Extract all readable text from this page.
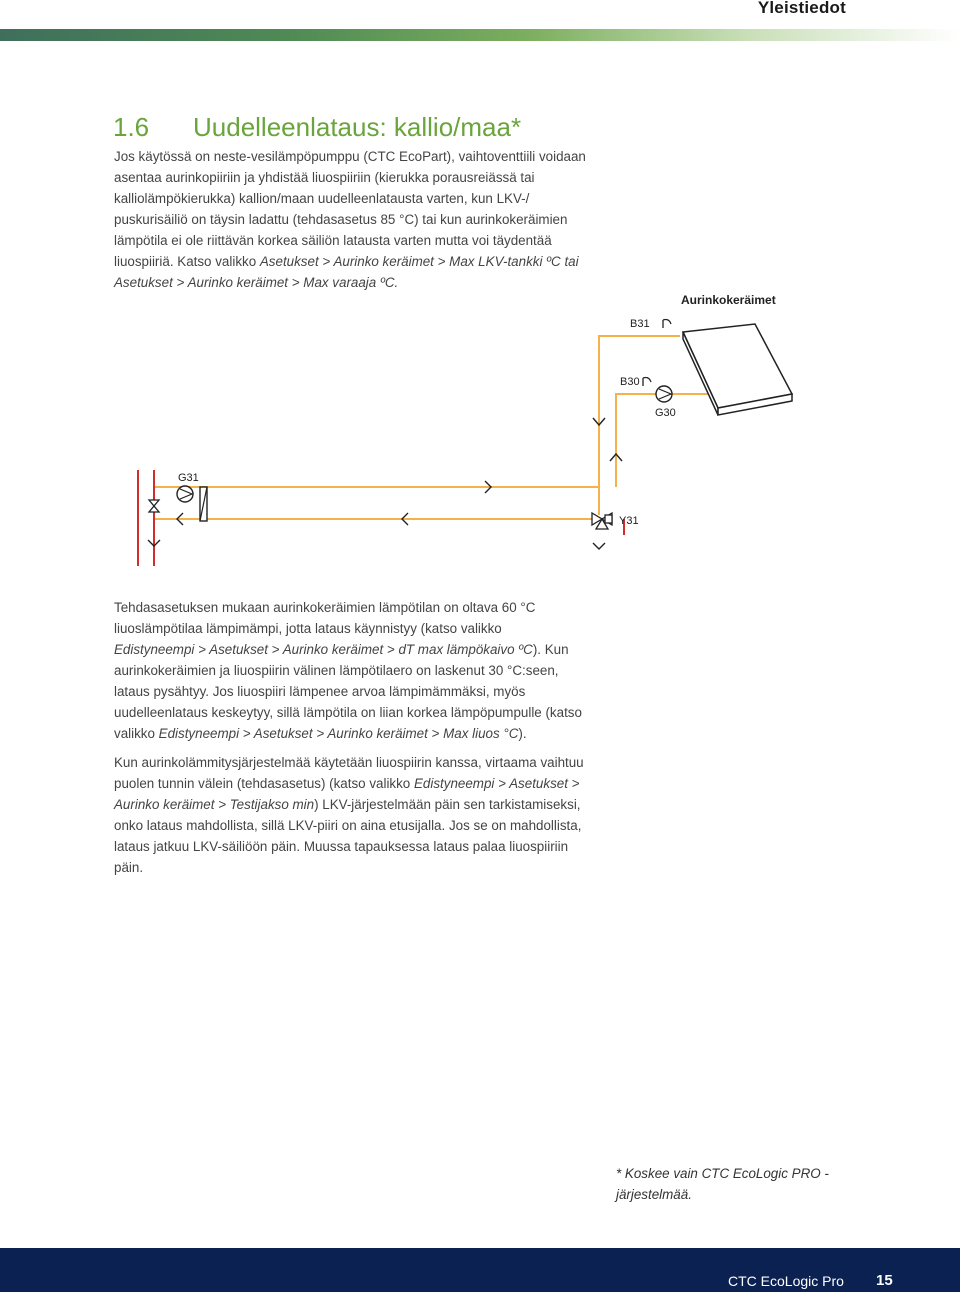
Yleistiedot
1.6 Uudelleenlataus: kallio/maa*

Jos käytössä on neste-vesilämpöpumppu (CTC EcoPart), vaihtoventtiili voidaan asentaa aurinkopiiriin ja yhdistää liuospiiriin (kierukka porausreiässä tai kalliolämpökierukka) kallion/maan uudelleenlatausta varten, kun LKV-/ puskurisäiliö on täysin ladattu (tehdasasetus 85 °C) tai kun aurinkokeräimien lämpötila ei ole riittävän korkea säiliön latausta varten mutta voi täydentää liuospiiriä. Katso valikko Asetukset > Aurinko keräimet > Max LKV-tankki ºC tai Asetukset > Aurinko keräimet > Max varaaja ºC.

Aurinkokeräimet
B31
B30
G30
G31
Y31

Tehdasasetuksen mukaan aurinkokeräimien lämpötilan on oltava 60 °C liuoslämpötilaa lämpimämpi, jotta lataus käynnistyy (katso valikko Edistyneempi > Asetukset > Aurinko keräimet > dT max lämpökaivo ºC). Kun aurinkokeräimien ja liuospiirin välinen lämpötilaero on laskenut 30 °C:seen, lataus pysähtyy. Jos liuospiiri lämpenee arvoa lämpimämmäksi, myös uudelleenlataus keskeytyy, sillä lämpötila on liian korkea lämpöpumpulle (katso valikko Edistyneempi > Asetukset > Aurinko keräimet > Max liuos °C).

Kun aurinkolämmitysjärjestelmää käytetään liuospiirin kanssa, virtaama vaihtuu puolen tunnin välein (tehdasasetus) (katso valikko Edistyneempi > Asetukset > Aurinko keräimet > Testijakso min) LKV-järjestelmään päin sen tarkistamiseksi, onko lataus mahdollista, sillä LKV-piiri on aina etusijalla. Jos se on mahdollista, lataus jatkuu LKV-säiliöön päin. Muussa tapauksessa lataus palaa liuospiiriin päin.

* Koskee vain CTC EcoLogic PRO -järjestelmää.
CTC EcoLogic Pro 15
